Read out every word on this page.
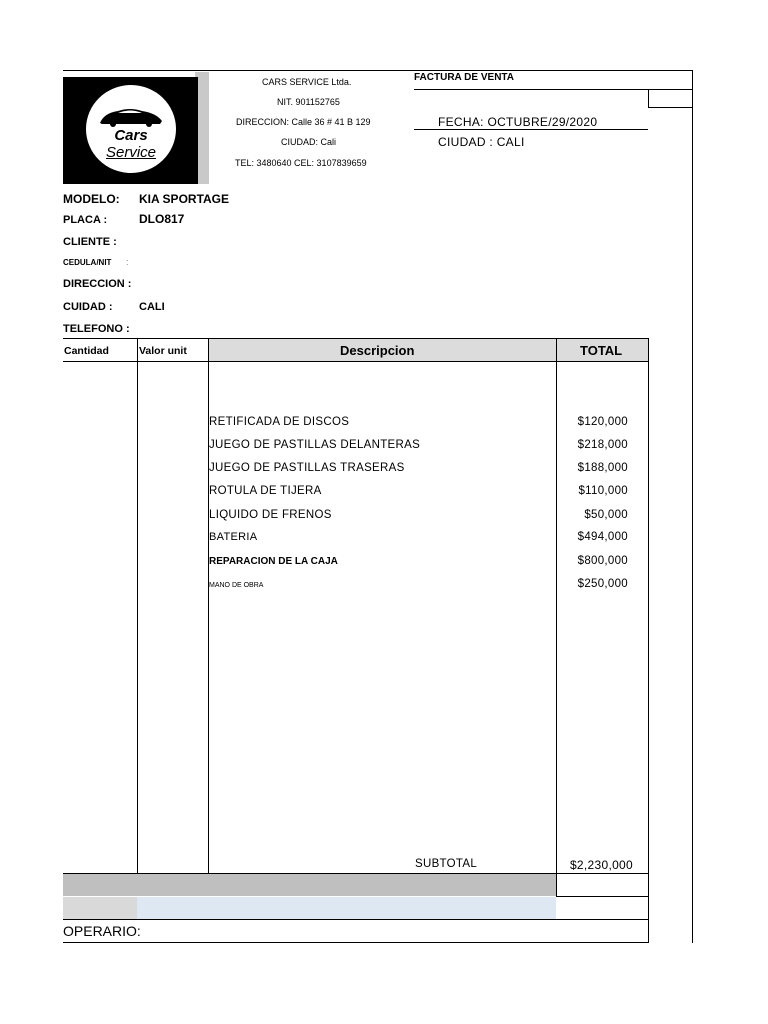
Cars Service
CARS SERVICE Ltda.
NIT. 901152765
DIRECCION: Calle 36 # 41 B 129
CIUDAD: Cali
TEL: 3480640 CEL: 3107839659
FACTURA DE VENTA
FECHA: OCTUBRE/29/2020
CIUDAD : CALI
MODELO: KIA SPORTAGE
PLACA :	DLO817
CLIENTE :
CEDULA/NIT :
DIRECCION :
CUIDAD : CALI
TELEFONO :
Cantidad	Valor unit	Descripcion	TOTAL
RETIFICADA DE DISCOS	$120,000
JUEGO DE PASTILLAS DELANTERAS	$218,000
JUEGO DE PASTILLAS TRASERAS	$188,000
ROTULA DE TIJERA	$110,000
LIQUIDO DE FRENOS	$50,000
BATERIA	$494,000
REPARACION DE LA CAJA	$800,000
MANO DE OBRA	$250,000
SUBTOTAL	$2,230,000
OPERARIO:
